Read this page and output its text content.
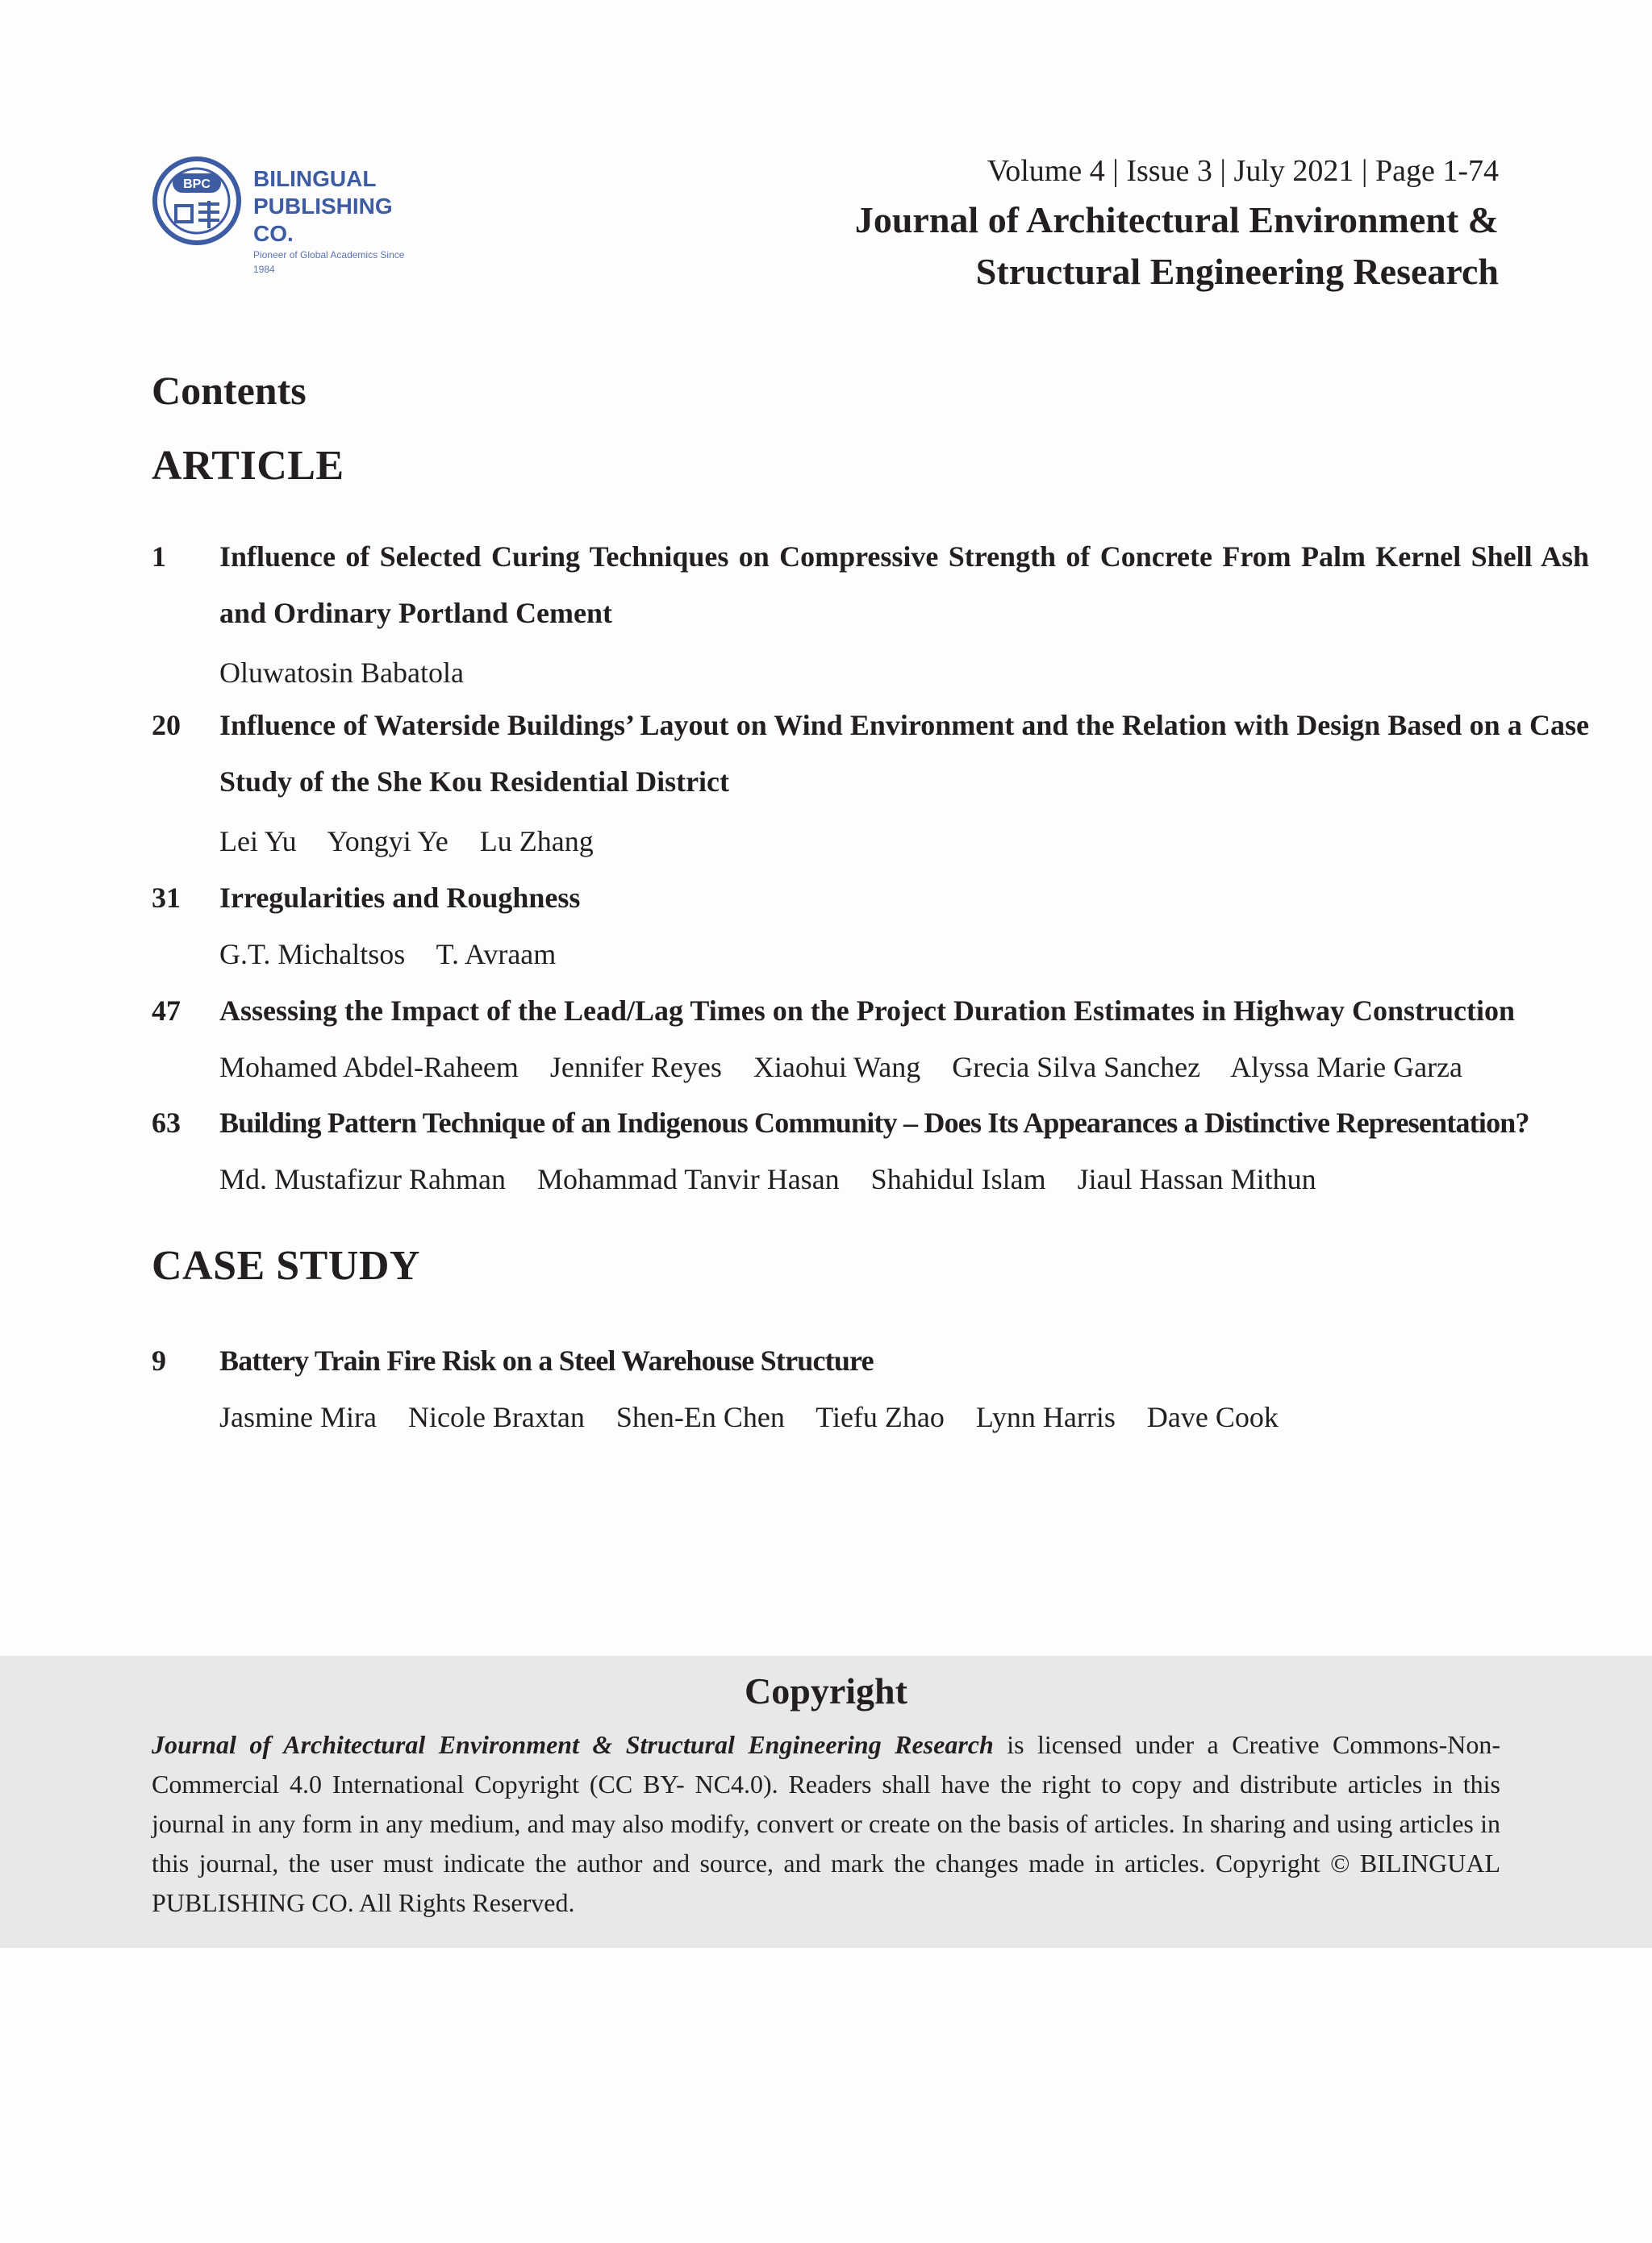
BPC BILINGUAL
PUBLISHING CO.
Pioneer of Global Academics Since 1984
Volume 4 | Issue 3 | July 2021 | Page 1-74
Journal of Architectural Environment &
Structural Engineering Research
Contents
ARTICLE
1 Influence of Selected Curing Techniques on Compressive Strength of Concrete From Palm Kernel Shell Ash and Ordinary Portland Cement
Oluwatosin Babatola
20 Influence of Waterside Buildings’ Layout on Wind Environment and the Relation with Design Based on a Case Study of the She Kou Residential District
Lei Yu Yongyi Ye Lu Zhang
31 Irregularities and Roughness
G.T. Michaltsos T. Avraam
47 Assessing the Impact of the Lead/Lag Times on the Project Duration Estimates in Highway Construction
Mohamed Abdel-Raheem Jennifer Reyes Xiaohui Wang Grecia Silva Sanchez Alyssa Marie Garza
63 Building Pattern Technique of an Indigenous Community – Does Its Appearances a Distinctive Representation?
Md. Mustafizur Rahman Mohammad Tanvir Hasan Shahidul Islam Jiaul Hassan Mithun
CASE STUDY
9 Battery Train Fire Risk on a Steel Warehouse Structure
Jasmine Mira Nicole Braxtan Shen-En Chen Tiefu Zhao Lynn Harris Dave Cook
Copyright
Journal of Architectural Environment & Structural Engineering Research is licensed under a Creative Commons-Non-Commercial 4.0 International Copyright (CC BY- NC4.0). Readers shall have the right to copy and distribute articles in this journal in any form in any medium, and may also modify, convert or create on the basis of articles. In sharing and using articles in this journal, the user must indicate the author and source, and mark the changes made in articles. Copyright © BILINGUAL PUBLISHING CO. All Rights Reserved.
